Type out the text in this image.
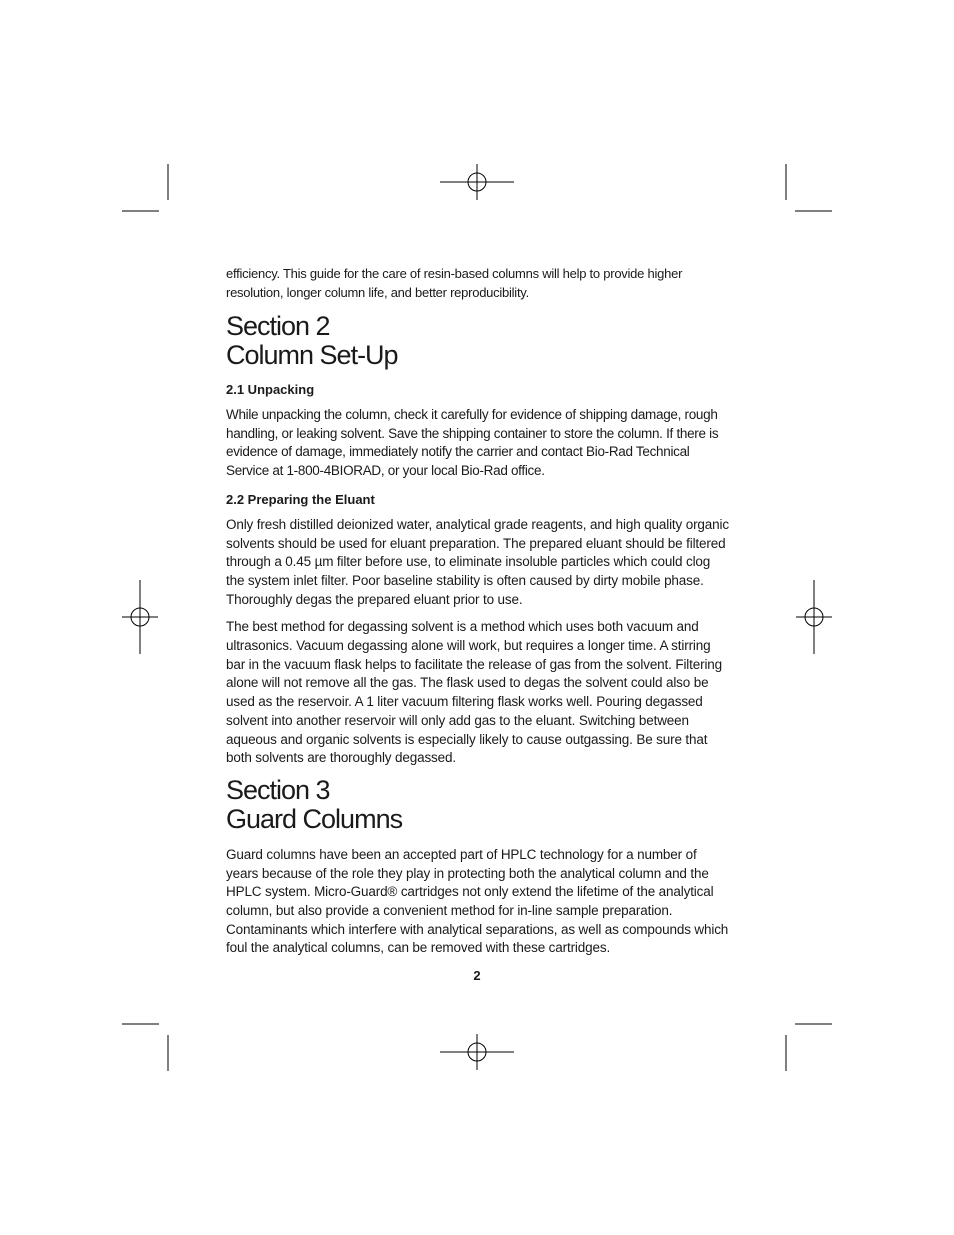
efficiency. This guide for the care of resin-based columns will help to provide higher resolution, longer column life, and better reproducibility.

Section 2
Column Set-Up
2.1 Unpacking

While unpacking the column, check it carefully for evidence of shipping damage, rough handling, or leaking solvent. Save the shipping container to store the column. If there is evidence of damage, immediately notify the carrier and contact Bio-Rad Technical Service at 1-800-4BIORAD, or your local Bio-Rad office.

2.2 Preparing the Eluant

Only fresh distilled deionized water, analytical grade reagents, and high quality organic solvents should be used for eluant preparation. The prepared eluant should be filtered through a 0.45 µm filter before use, to eliminate insoluble particles which could clog the system inlet filter. Poor baseline stability is often caused by dirty mobile phase. Thoroughly degas the prepared eluant prior to use.

The best method for degassing solvent is a method which uses both vacuum and ultrasonics. Vacuum degassing alone will work, but requires a longer time. A stirring bar in the vacuum flask helps to facilitate the release of gas from the solvent. Filtering alone will not remove all the gas. The flask used to degas the solvent could also be used as the reservoir. A 1 liter vacuum filtering flask works well. Pouring degassed solvent into another reservoir will only add gas to the eluant. Switching between aqueous and organic solvents is especially likely to cause outgassing. Be sure that both solvents are thoroughly degassed.

Section 3
Guard Columns

Guard columns have been an accepted part of HPLC technology for a number of years because of the role they play in protecting both the analytical column and the HPLC system. Micro-Guard® cartridges not only extend the lifetime of the analytical column, but also provide a convenient method for in-line sample preparation. Contaminants which interfere with analytical separations, as well as compounds which foul the analytical columns, can be removed with these cartridges.

2
